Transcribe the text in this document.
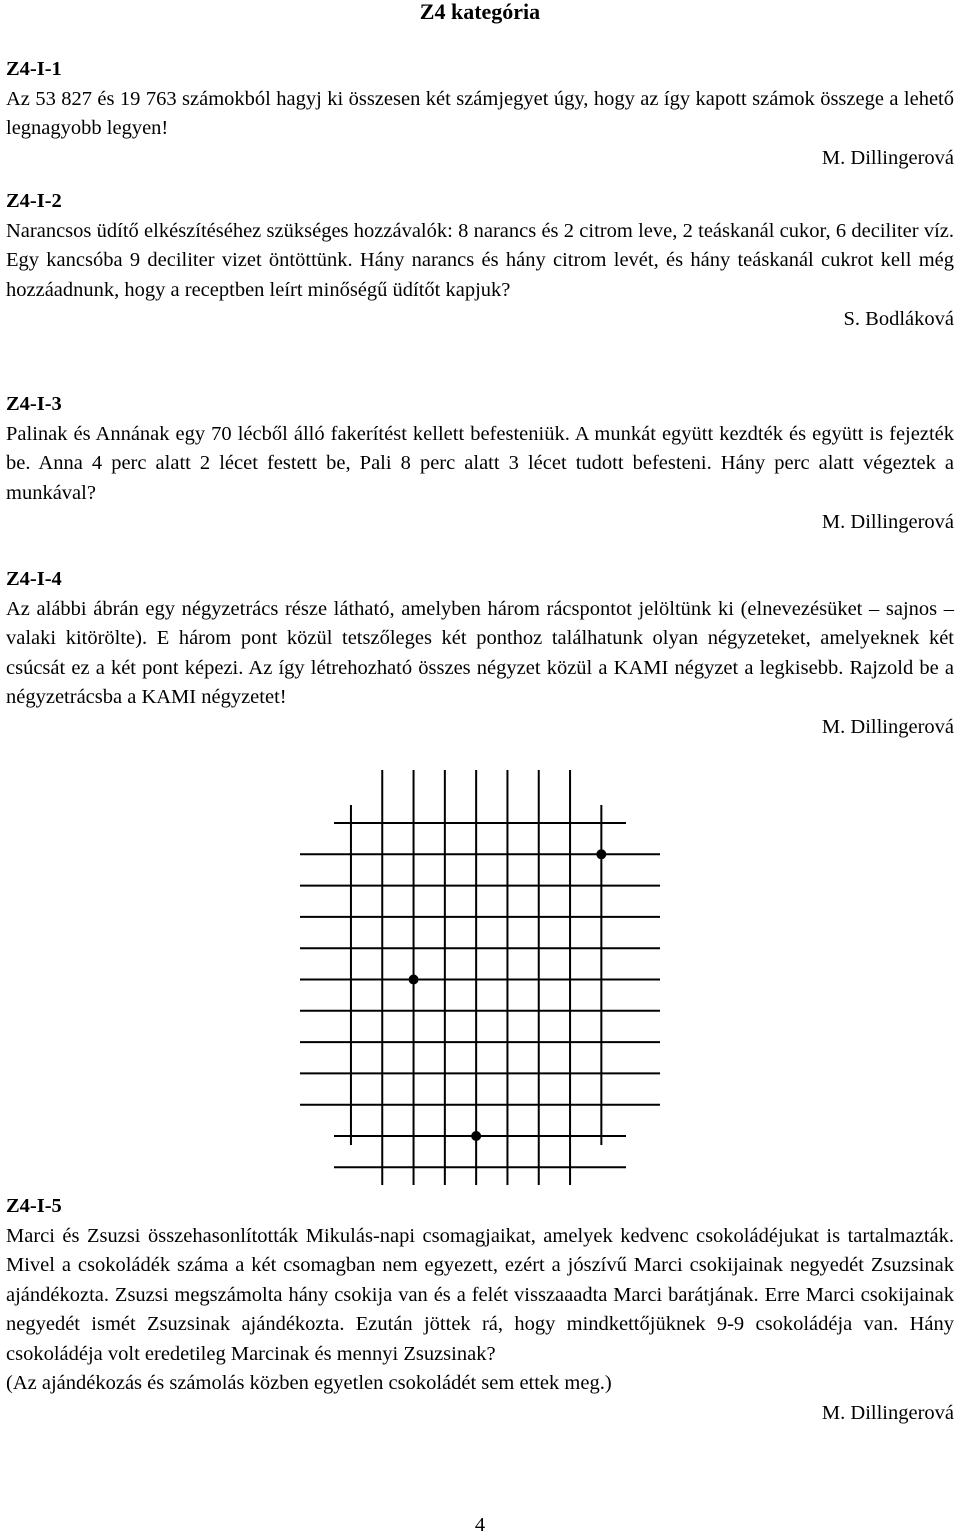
Z4 kategória
Z4-I-1

Az 53 827 és 19 763 számokból hagyj ki összesen két számjegyet úgy, hogy az így kapott számok összege a lehető legnagyobb legyen!

M. Dillingerová
Z4-I-2

Narancsos üdítő elkészítéséhez szükséges hozzávalók: 8 narancs és 2 citrom leve, 2 teáskanál cukor, 6 deciliter víz. Egy kancsóba 9 deciliter vizet öntöttünk. Hány narancs és hány citrom levét, és hány teáskanál cukrot kell még hozzáadnunk, hogy a receptben leírt minőségű üdítőt kapjuk?

S. Bodláková
Z4-I-3

Palinak és Annának egy 70 lécből álló fakerítést kellett befesteniük. A munkát együtt kezdték és együtt is fejezték be. Anna 4 perc alatt 2 lécet festett be, Pali 8 perc alatt 3 lécet tudott befesteni. Hány perc alatt végeztek a munkával?

M. Dillingerová
Z4-I-4

Az alábbi ábrán egy négyzetrács része látható, amelyben három rácspontot jelöltünk ki (elnevezésüket – sajnos – valaki kitörölte). E három pont közül tetszőleges két ponthoz találhatunk olyan négyzeteket, amelyeknek két csúcsát ez a két pont képezi. Az így létrehozható összes négyzet közül a KAMI négyzet a legkisebb. Rajzold be a négyzetrácsba a KAMI négyzetet!

M. Dillingerová
Z4-I-5

Marci és Zsuzsi összehasonlították Mikulás-napi csomagjaikat, amelyek kedvenc csokoládéjukat is tartalmazták. Mivel a csokoládék száma a két csomagban nem egyezett, ezért a jószívű Marci csokijainak negyedét Zsuzsinak ajándékozta. Zsuzsi megszámolta hány csokija van és a felét visszaaadta Marci barátjának. Erre Marci csokijainak negyedét ismét Zsuzsinak ajándékozta. Ezután jöttek rá, hogy mindkettőjüknek 9-9 csokoládéja van. Hány csokoládéja volt eredetileg Marcinak és mennyi Zsuzsinak?

(Az ajándékozás és számolás közben egyetlen csokoládét sem ettek meg.)

M. Dillingerová
4
